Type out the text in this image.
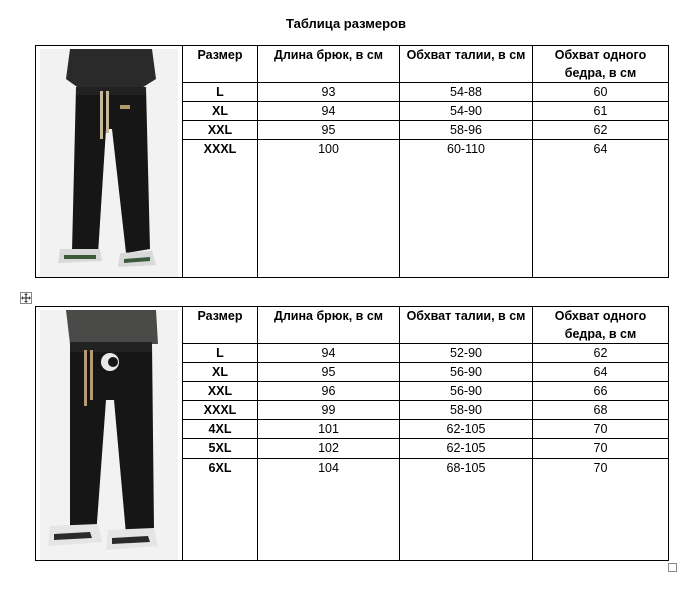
Таблица размеров
	Размер	Длина брюк, в см	Обхват талии, в см	Обхват одного бедра, в см
	L	93	54-88	60
	XL	94	54-90	61
	XXL	95	58-96	62
	XXXL	100	60-110	64
	Размер	Длина брюк, в см	Обхват талии, в см	Обхват одного бедра, в см
	L	94	52-90	62
	XL	95	56-90	64
	XXL	96	56-90	66
	XXXL	99	58-90	68
	4XL	101	62-105	70
	5XL	102	62-105	70
	6XL	104	68-105	70
